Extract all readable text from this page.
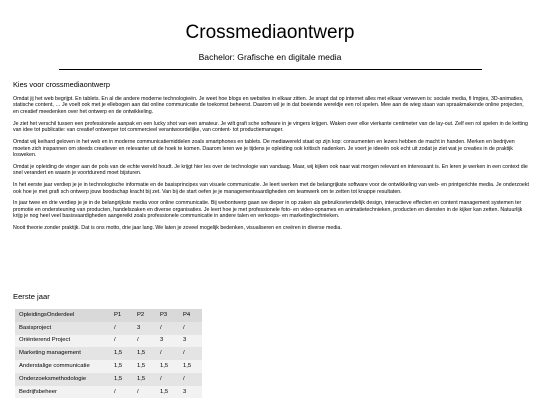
Crossmediaontwerp
Bachelor: Grafische en digitale media
Kies voor crossmediaontwerp

Omdat jij het web begrijpt. En tablets. En al die andere moderne technologieën. Je weet hoe blogs en websites in elkaar zitten. Je snapt dat op internet alles met elkaar verweven is: sociale media, fi lmpjes, 3D-animaties, statische content, … Je voelt ook met je ellebogen aan dat online communicatie de toekomst beheerst. Daarom wil je in dat boeiende wereldje een rol spelen. Mee aan de wieg staan van spraakmakende online projecten, en creatief meedenken over het ontwerp en de ontwikkeling.

Je ziet het verschil tussen een professionele aanpak en een lucky shot van een amateur. Je wilt grafi sche software in je vingers krijgen. Waken over elke vierkante centimeter van de lay-out. Zelf een rol spelen in de ketting van idee tot publicatie: van creatief ontwerper tot commercieel verantwoordelijke, van content- tot productiemanager.

Omdat wij keihard geloven in het web en in moderne communicatiemiddelen zoals smartphones en tablets. De mediawereld staat op zijn kop: consumenten en lezers hebben de macht in handen. Merken en bedrijven moeten zich inspannen om steeds creatiever en relevanter uit de hoek te komen. Daarom leren we je tijdens je opleiding ook kritisch nadenken. Je voert je ideeën ook echt uit zodat je ziet wat je creaties in de praktijk losweken.

Omdat je opleiding de vinger aan de pols van de echte wereld houdt. Je krijgt hier les over de technologie van vandaag. Maar, wij kijken ook naar wat morgen relevant en interessant is. En leren je werken in een context die snel verandert en waarin je voortdurend moet bijsturen.

In het eerste jaar verdiep je je in technologische informatie en de basisprincipes van visuele communicatie. Je leert werken met de belangrijkste software voor de ontwikkeling van web- en printgerichte media. Je onderzoekt ook hoe je met grafi sch ontwerp jouw boodschap kracht bij zet. Van bij de start oefen je je managementvaardigheden om teamwerk om te zetten tot knappe resultaten.

In jaar twee en drie verdiep je je in de belangrijkste media voor online communicatie. Bij webontwerp gaan we dieper in op zaken als gebruiksvriendelijk design, interactieve effecten en content management systemen ter promotie en ondersteuning van producten, handelszaken en diverse organisaties. Je leert hoe je met professionele foto- en video-opnames en animatietechnieken, producten en diensten in de kijker kan zetten. Natuurlijk krijg je nog heel veel basisvaardigheden aangereikt zoals professionele communicatie in andere talen en verkoops- en marketingtechnieken.

Nooit theorie zonder praktijk. Dat is ons motto, drie jaar lang. We laten je zoveel mogelijk bedenken, visualiseren en creëren in diverse media.

Eerste jaar
OpleidingsOnderdeel	P1	P2	P3	P4
Basisproject	/	3	/	/
Oriënterend Project	/	/	3	3
Marketing management	1,5	1,5	/	/
Anderstalige communicatie	1,5	1,5	1,5	1,5
Onderzoeksmethodologie	1,5	1,5	/	/
Bedrijfsbeheer	/	/	1,5	3
